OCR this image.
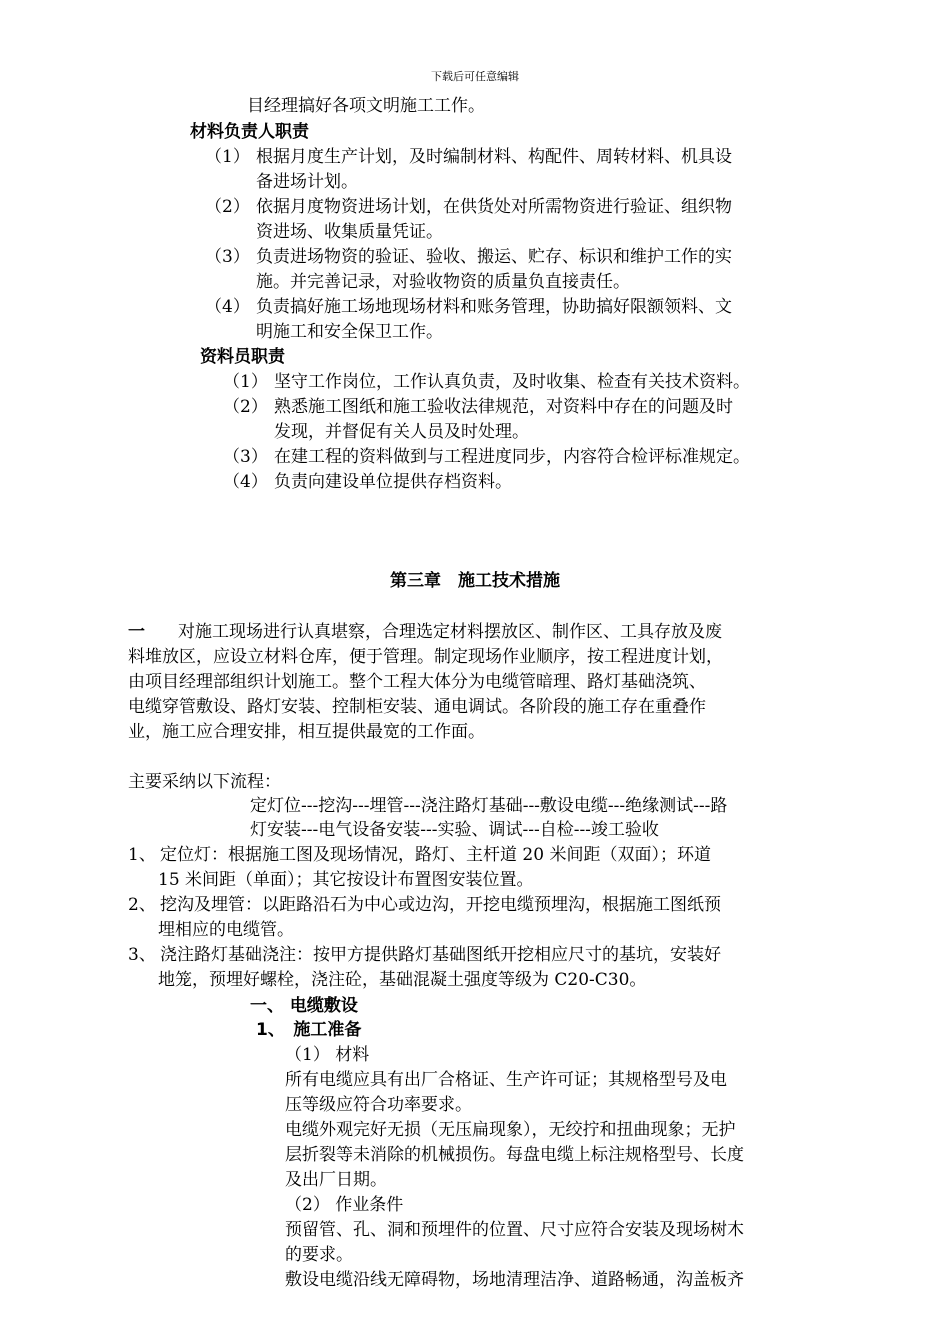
下载后可任意编辑
目经理搞好各项文明施工工作。
材料负责人职责
（1） 根据月度生产计划，及时编制材料、构配件、周转材料、机具设
备进场计划。
（2） 依据月度物资进场计划，在供货处对所需物资进行验证、组织物
资进场、收集质量凭证。
（3） 负责进场物资的验证、验收、搬运、贮存、标识和维护工作的实
施。并完善记录，对验收物资的质量负直接责任。
（4） 负责搞好施工场地现场材料和账务管理，协助搞好限额领料、文
明施工和安全保卫工作。
资料员职责
（1） 坚守工作岗位，工作认真负责，及时收集、检查有关技术资料。
（2） 熟悉施工图纸和施工验收法律规范，对资料中存在的问题及时
发现，并督促有关人员及时处理。
（3） 在建工程的资料做到与工程进度同步，内容符合检评标准规定。
（4） 负责向建设单位提供存档资料。
第三章　施工技术措施
一 对施工现场进行认真堪察，合理选定材料摆放区、制作区、工具存放及废
料堆放区，应设立材料仓库，便于管理。制定现场作业顺序，按工程进度计划，
由项目经理部组织计划施工。整个工程大体分为电缆管暗理、路灯基础浇筑、
电缆穿管敷设、路灯安装、控制柜安装、通电调试。各阶段的施工存在重叠作
业，施工应合理安排，相互提供最宽的工作面。
主要采纳以下流程：
定灯位---挖沟---埋管---浇注路灯基础---敷设电缆---绝缘测试---路
灯安装---电气设备安装---实验、调试---自检---竣工验收
1、 定位灯：根据施工图及现场情况，路灯、主杆道 20 米间距（双面）；环道
15 米间距（单面）；其它按设计布置图安装位置。
2、 挖沟及埋管：以距路沿石为中心或边沟，开挖电缆预埋沟，根据施工图纸预
埋相应的电缆管。
3、 浇注路灯基础浇注：按甲方提供路灯基础图纸开挖相应尺寸的基坑，安装好
地笼，预埋好螺栓，浇注砼，基础混凝土强度等级为 C20-C30。
一、 电缆敷设
1、　施工准备
（1） 材料
所有电缆应具有出厂合格证、生产许可证；其规格型号及电
压等级应符合功率要求。
电缆外观完好无损（无压扁现象），无绞拧和扭曲现象；无护
层折裂等未消除的机械损伤。每盘电缆上标注规格型号、长度
及出厂日期。
（2） 作业条件
预留管、孔、洞和预埋件的位置、尺寸应符合安装及现场树木
的要求。
敷设电缆沿线无障碍物，场地清理洁净、道路畅通，沟盖板齐
